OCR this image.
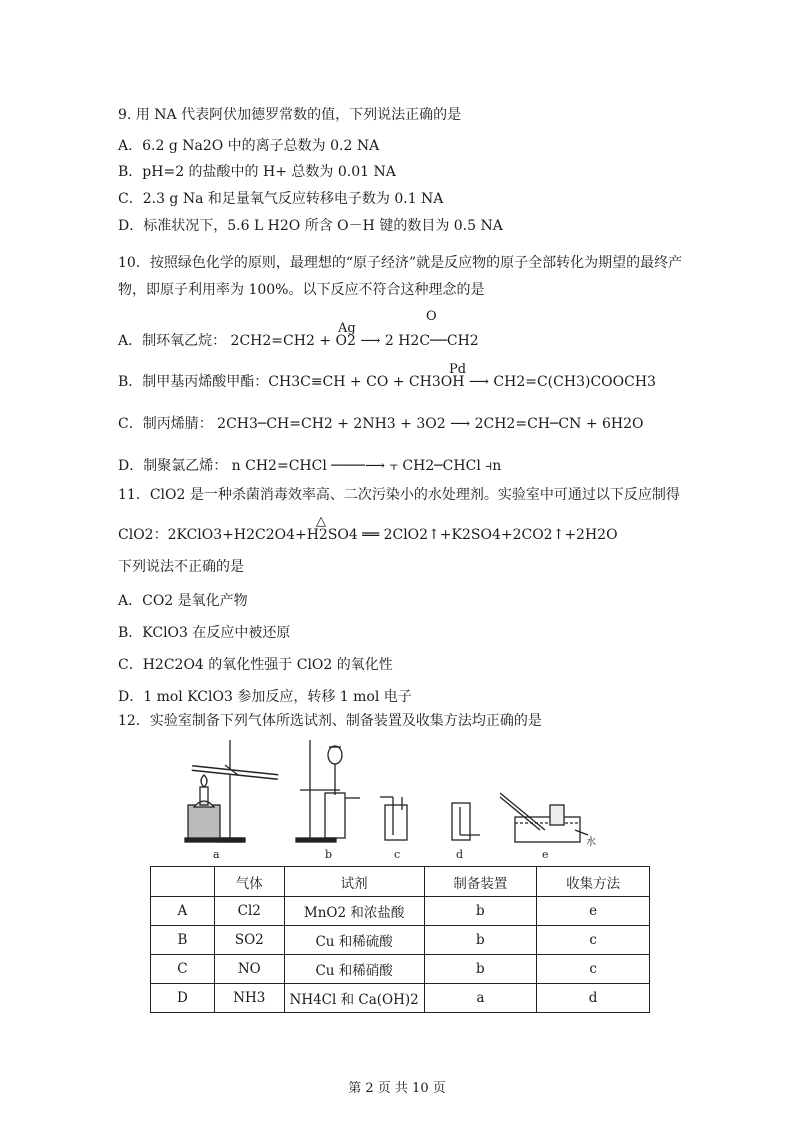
9. 用 NA 代表阿伏加德罗常数的值，下列说法正确的是
A．6.2 g Na2O 中的离子总数为 0.2 NA
B．pH=2 的盐酸中的 H+ 总数为 0.01 NA
C．2.3 g Na 和足量氧气反应转移电子数为 0.1 NA
D．标准状况下，5.6 L H2O 所含 O－H 键的数目为 0.5 NA
10．按照绿色化学的原则，最理想的“原子经济”就是反应物的原子全部转化为期望的最终产
物，即原子利用率为 100%。以下反应不符合这种理念的是
O
Ag
A．制环氧乙烷： 2CH2=CH2 + O2 ⟶ 2 H2C──CH2
Pd
B．制甲基丙烯酸甲酯：CH3C≡CH + CO + CH3OH ⟶ CH2=C(CH3)COOCH3
C．制丙烯腈： 2CH3─CH=CH2 + 2NH3 + 3O2 ⟶ 2CH2=CH─CN + 6H2O
D．制聚氯乙烯： n CH2=CHCl ────⟶ ⫟ CH2─CHCl ⫞n
11．ClO2 是一种杀菌消毒效率高、二次污染小的水处理剂。实验室中可通过以下反应制得
△
ClO2：2KClO3+H2C2O4+H2SO4 ══ 2ClO2↑+K2SO4+2CO2↑+2H2O
下列说法不正确的是
A．CO2 是氧化产物
B．KClO3 在反应中被还原
C．H2C2O4 的氧化性强于 ClO2 的氧化性
D．1 mol KClO3 参加反应，转移 1 mol 电子
12．实验室制备下列气体所选试剂、制备装置及收集方法均正确的是
a	b	c	d	e
水
	气体	试剂	制备装置	收集方法
A	Cl2	MnO2 和浓盐酸	b	e
B	SO2	Cu 和稀硫酸	b	c
C	NO	Cu 和稀硝酸	b	c
D	NH3	NH4Cl 和 Ca(OH)2	a	d
第 2 页 共 10 页
